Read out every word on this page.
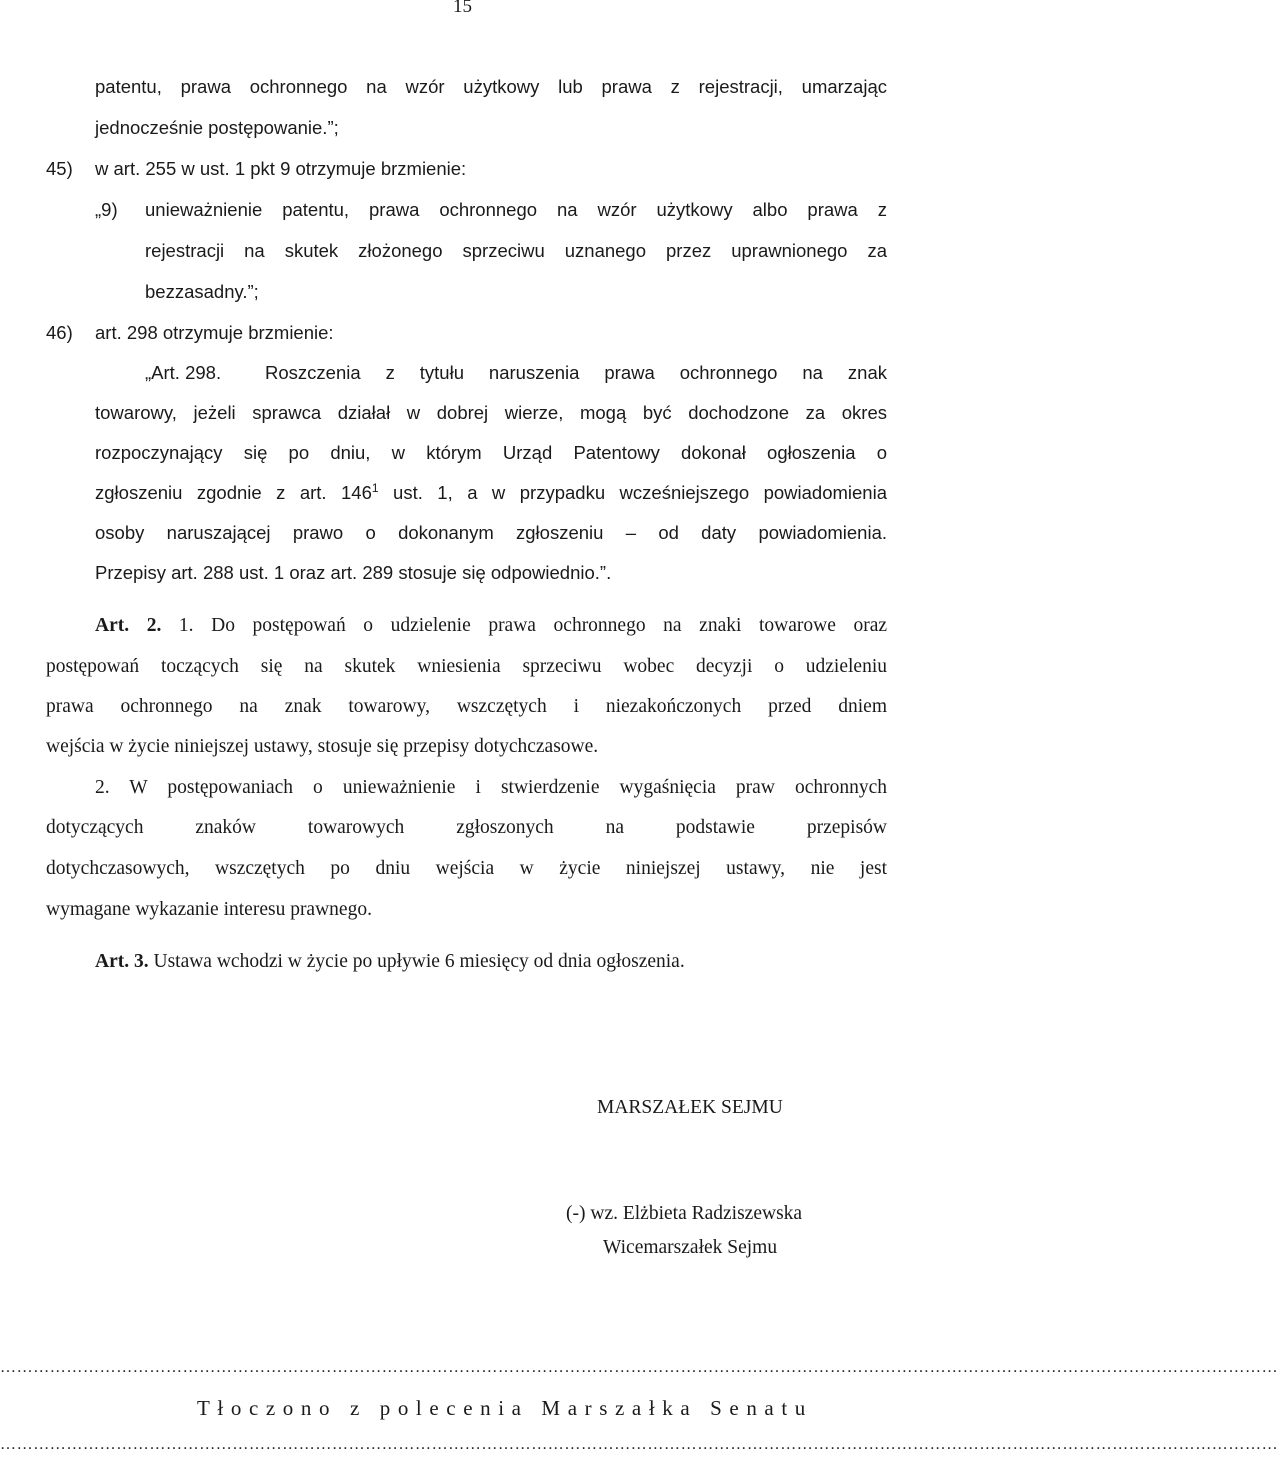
15
patentu, prawa ochronnego na wzór użytkowy lub prawa z rejestracji, umarzając
jednocześnie postępowanie.”;
45) w art. 255 w ust. 1 pkt 9 otrzymuje brzmienie:
„9) unieważnienie patentu, prawa ochronnego na wzór użytkowy albo prawa z
rejestracji na skutek złożonego sprzeciwu uznanego przez uprawnionego za
bezzasadny.”;
46) art. 298 otrzymuje brzmienie:
„Art. 298. Roszczenia z tytułu naruszenia prawa ochronnego na znak
towarowy, jeżeli sprawca działał w dobrej wierze, mogą być dochodzone za okres
rozpoczynający się po dniu, w którym Urząd Patentowy dokonał ogłoszenia o
zgłoszeniu zgodnie z art. $146^1$ ust. 1, a w przypadku wcześniejszego powiadomienia
osoby naruszającej prawo o dokonanym zgłoszeniu – od daty powiadomienia.
Przepisy art. 288 ust. 1 oraz art. 289 stosuje się odpowiednio.”.
Art. 2. 1. Do postępowań o udzielenie prawa ochronnego na znaki towarowe oraz
postępowań toczących się na skutek wniesienia sprzeciwu wobec decyzji o udzieleniu
prawa ochronnego na znak towarowy, wszczętych i niezakończonych przed dniem
wejścia w życie niniejszej ustawy, stosuje się przepisy dotychczasowe.
2. W postępowaniach o unieważnienie i stwierdzenie wygaśnięcia praw ochronnych
dotyczących znaków towarowych zgłoszonych na podstawie przepisów
dotychczasowych, wszczętych po dniu wejścia w życie niniejszej ustawy, nie jest
wymagane wykazanie interesu prawnego.
Art. 3. Ustawa wchodzi w życie po upływie 6 miesięcy od dnia ogłoszenia.
MARSZAŁEK SEJMU
(-) wz. Elżbieta Radziszewska
Wicemarszałek Sejmu
……………………………………………………………………………………………………………………………………………………………………………………………………………
Tłoczono z polecenia Marszałka Senatu
……………………………………………………………………………………………………………………………………………………………………………………………………………
